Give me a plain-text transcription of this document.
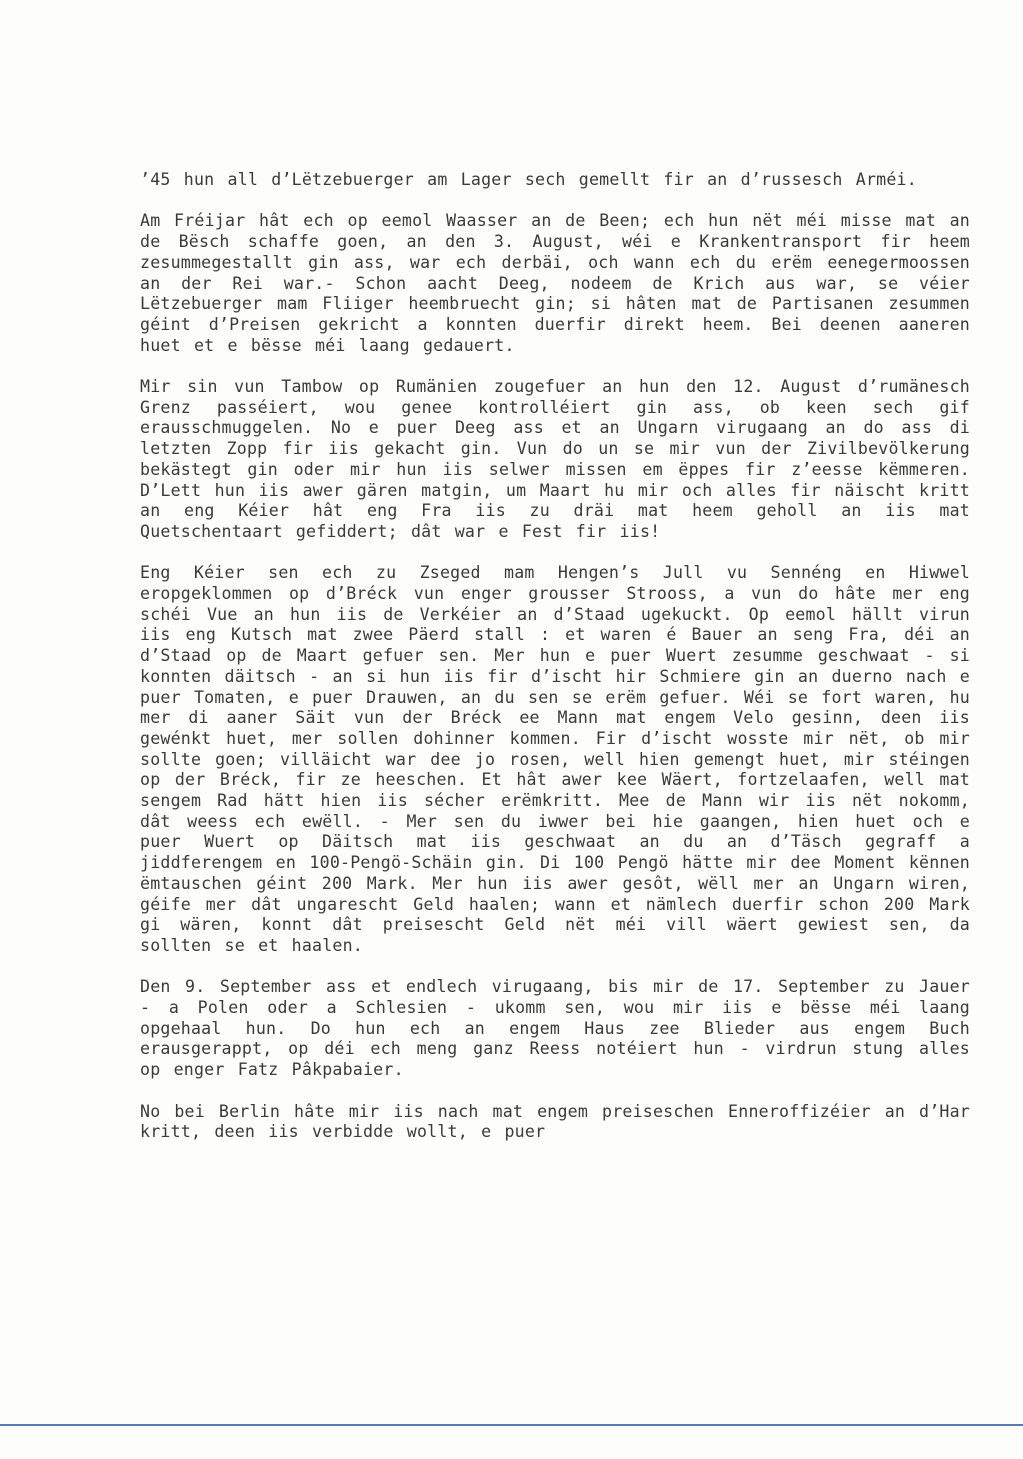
’45 hun all d’Lëtzebuerger am Lager sech gemellt fir an d’russesch Arméi.

Am Fréijar hât ech op eemol Waasser an de Been; ech hun nët méi misse mat an de Bësch schaffe goen, an den 3. August, wéi e Krankentransport fir heem zesummegestallt gin ass, war ech derbäi, och wann ech du erëm eenegermoossen an der Rei war.- Schon aacht Deeg, nodeem de Krich aus war, se véier Lëtzebuerger mam Fliiger heembruecht gin; si hâten mat de Partisanen zesummen géint d’Preisen gekricht a konnten duerfir direkt heem. Bei deenen aaneren huet et e bësse méi laang gedauert.

Mir sin vun Tambow op Rumänien zougefuer an hun den 12. August d’rumänesch Grenz passéiert, wou genee kontrolléiert gin ass, ob keen sech gif erausschmuggelen. No e puer Deeg ass et an Ungarn virugaang an do ass di letzten Zopp fir iis gekacht gin. Vun do un se mir vun der Zivilbevölkerung bekästegt gin oder mir hun iis selwer missen em ëppes fir z’eesse këmmeren. D’Lett hun iis awer gären matgin, um Maart hu mir och alles fir näischt kritt an eng Kéier hât eng Fra iis zu dräi mat heem geholl an iis mat Quetschentaart gefiddert; dât war e Fest fir iis!

Eng Kéier sen ech zu Zseged mam Hengen’s Jull vu Sennéng en Hiwwel eropgeklommen op d’Bréck vun enger grousser Strooss, a vun do hâte mer eng schéi Vue an hun iis de Verkéier an d’Staad ugekuckt. Op eemol hällt virun iis eng Kutsch mat zwee Päerd stall : et waren é Bauer an seng Fra, déi an d’Staad op de Maart gefuer sen. Mer hun e puer Wuert zesumme geschwaat - si konnten däitsch - an si hun iis fir d’ischt hir Schmiere gin an duerno nach e puer Tomaten, e puer Drauwen, an du sen se erëm gefuer. Wéi se fort waren, hu mer di aaner Säit vun der Bréck ee Mann mat engem Velo gesinn, deen iis gewénkt huet, mer sollen dohinner kommen. Fir d’ischt wosste mir nët, ob mir sollte goen; villäicht war dee jo rosen, well hien gemengt huet, mir stéingen op der Bréck, fir ze heeschen. Et hât awer kee Wäert, fortzelaafen, well mat sengem Rad hätt hien iis sécher erëmkritt. Mee de Mann wir iis nët nokomm, dât weess ech ewëll. - Mer sen du iwwer bei hie gaangen, hien huet och e puer Wuert op Däitsch mat iis geschwaat an du an d’Täsch gegraff a jiddferengem en 100-Pengö-Schäin gin. Di 100 Pengö hätte mir dee Moment kënnen ëmtauschen géint 200 Mark. Mer hun iis awer gesôt, wëll mer an Ungarn wiren, géife mer dât ungarescht Geld haalen; wann et nämlech duerfir schon 200 Mark gi wären, konnt dât preisescht Geld nët méi vill wäert gewiest sen, da sollten se et haalen.

Den 9. September ass et endlech virugaang, bis mir de 17. September zu Jauer - a Polen oder a Schlesien - ukomm sen, wou mir iis e bësse méi laang opgehaal hun. Do hun ech an engem Haus zee Blieder aus engem Buch erausgerappt, op déi ech meng ganz Reess notéiert hun - virdrun stung alles op enger Fatz Pâkpabaier.

No bei Berlin hâte mir iis nach mat engem preiseschen Enneroffizéier an d’Har kritt, deen iis verbidde wollt, e puer
